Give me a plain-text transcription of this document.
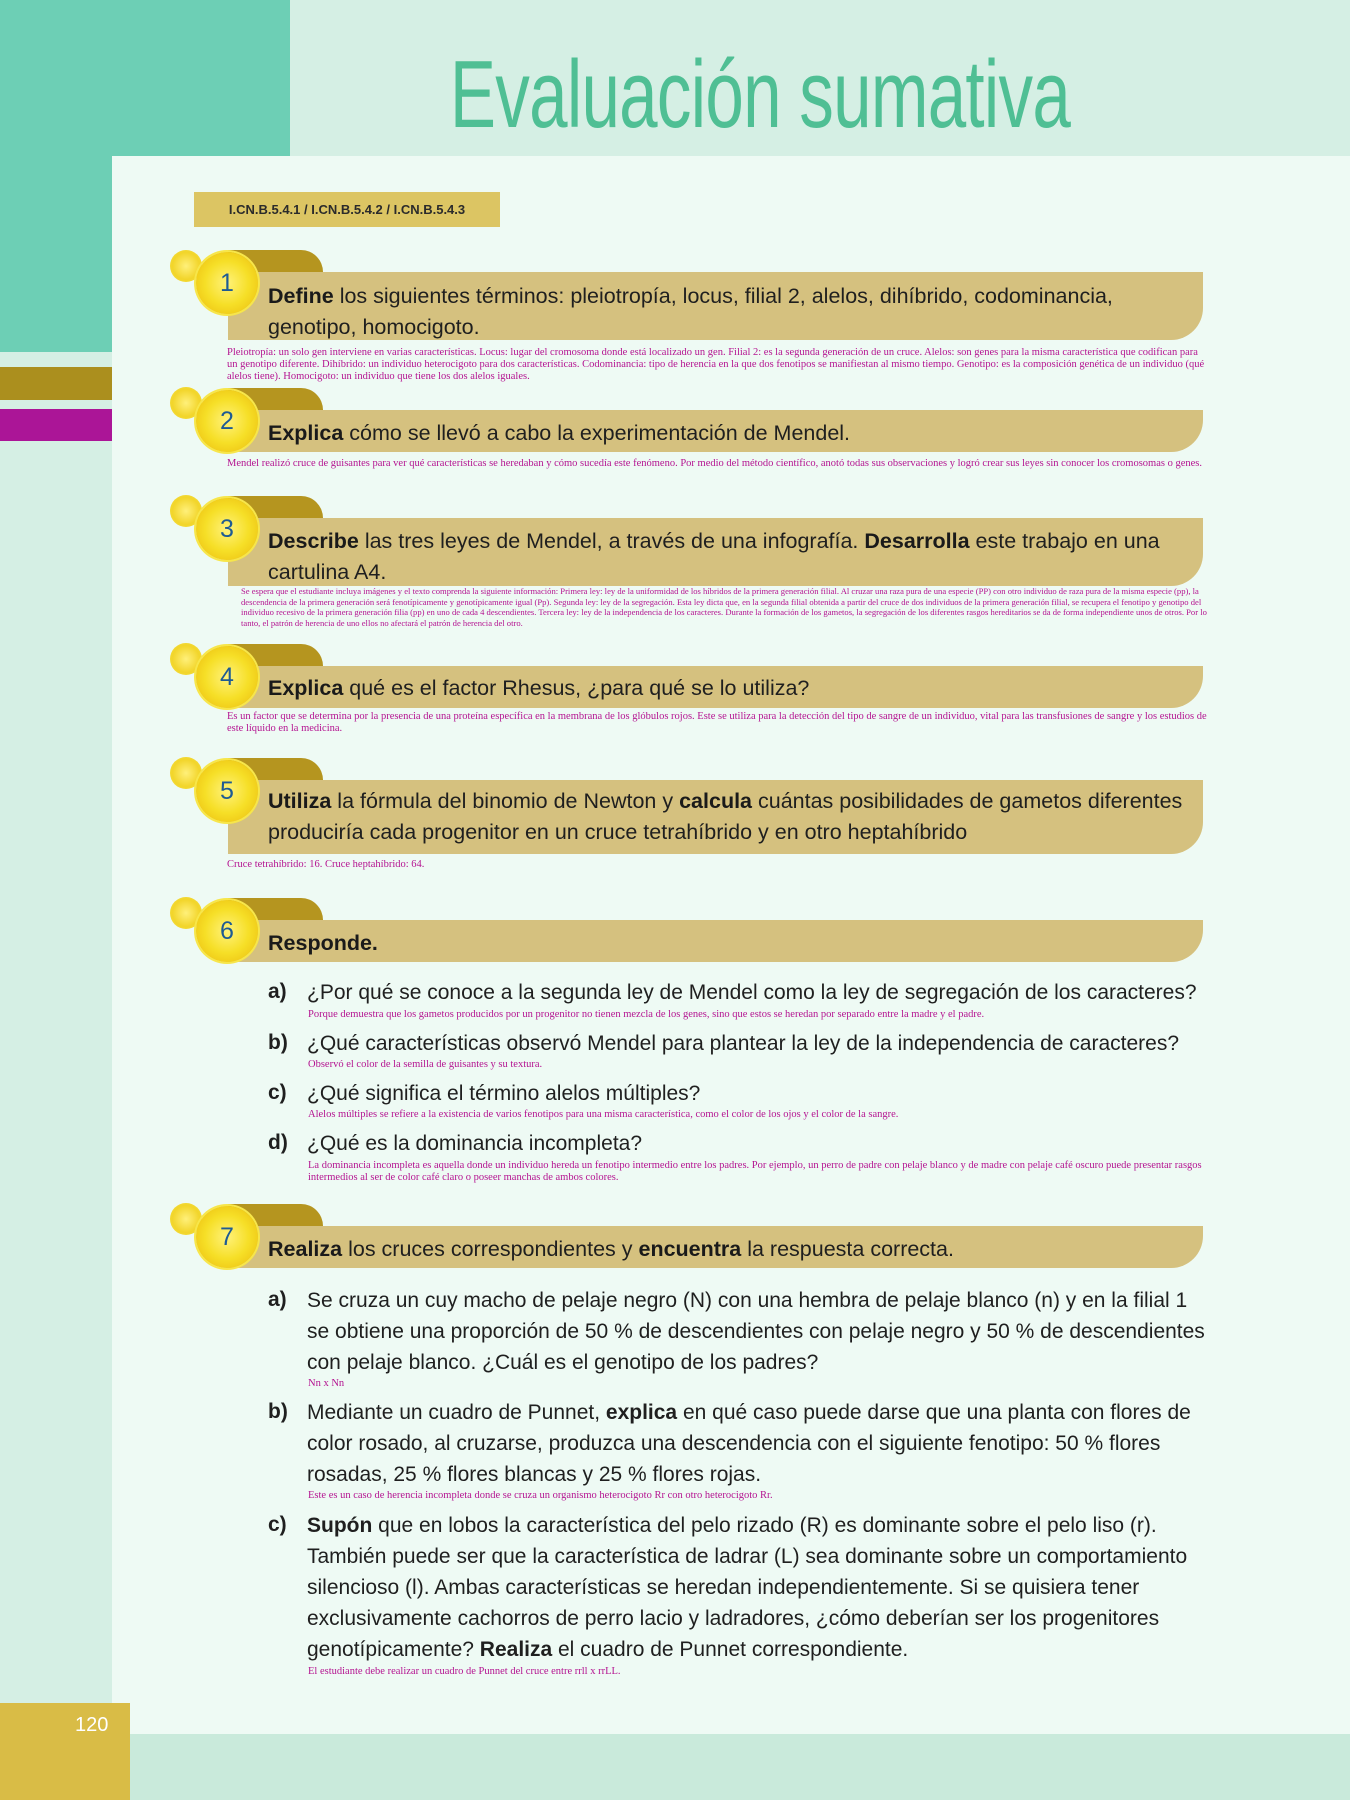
Evaluación sumativa
120
I.CN.B.5.4.1 / I.CN.B.5.4.2 / I.CN.B.5.4.3
1	Define los siguientes términos: pleiotropía, locus, filial 2, alelos, dihíbrido, codominancia, genotipo, homocigoto.

Pleiotropía: un solo gen interviene en varias características. Locus: lugar del cromosoma donde está localizado un gen. Filial 2: es la segunda generación de un cruce. Alelos: son genes para la misma característica que codifican para un genotipo diferente. Dihíbrido: un individuo heterocigoto para dos características. Codominancia: tipo de herencia en la que dos fenotipos se manifiestan al mismo tiempo. Genotipo: es la composición genética de un individuo (qué alelos tiene). Homocigoto: un individuo que tiene los dos alelos iguales.

2	Explica cómo se llevó a cabo la experimentación de Mendel.

Mendel realizó cruce de guisantes para ver qué características se heredaban y cómo sucedía este fenómeno. Por medio del método científico, anotó todas sus observaciones y logró crear sus leyes sin conocer los cromosomas o genes.

3	Describe las tres leyes de Mendel, a través de una infografía. Desarrolla este trabajo en una cartulina A4.

Se espera que el estudiante incluya imágenes y el texto comprenda la siguiente información: Primera ley: ley de la uniformidad de los híbridos de la primera generación filial. Al cruzar una raza pura de una especie (PP) con otro individuo de raza pura de la misma especie (pp), la descendencia de la primera generación será fenotípicamente y genotípicamente igual (Pp). Segunda ley: ley de la segregación. Esta ley dicta que, en la segunda filial obtenida a partir del cruce de dos individuos de la primera generación filial, se recupera el fenotipo y genotipo del individuo recesivo de la primera generación filia (pp) en uno de cada 4 descendientes. Tercera ley: ley de la independencia de los caracteres. Durante la formación de los gametos, la segregación de los diferentes rasgos hereditarios se da de forma independiente unos de otros. Por lo tanto, el patrón de herencia de uno ellos no afectará el patrón de herencia del otro.

4	Explica qué es el factor Rhesus, ¿para qué se lo utiliza?

Es un factor que se determina por la presencia de una proteína específica en la membrana de los glóbulos rojos. Este se utiliza para la detección del tipo de sangre de un individuo, vital para las transfusiones de sangre y los estudios de este líquido en la medicina.

5	Utiliza la fórmula del binomio de Newton y calcula cuántas posibilidades de gametos diferentes produciría cada progenitor en un cruce tetrahíbrido y en otro heptahíbrido

Cruce tetrahíbrido: 16. Cruce heptahíbrido: 64.

6	Responde.

a) ¿Por qué se conoce a la segunda ley de Mendel como la ley de segregación de los caracteres?

Porque demuestra que los gametos producidos por un progenitor no tienen mezcla de los genes, sino que estos se heredan por separado entre la madre y el padre.

b) ¿Qué características observó Mendel para plantear la ley de la independencia de caracteres?

Observó el color de la semilla de guisantes y su textura.

c) ¿Qué significa el término alelos múltiples?

Alelos múltiples se refiere a la existencia de varios fenotipos para una misma característica, como el color de los ojos y el color de la sangre.

d) ¿Qué es la dominancia incompleta?

La dominancia incompleta es aquella donde un individuo hereda un fenotipo intermedio entre los padres. Por ejemplo, un perro de padre con pelaje blanco y de madre con pelaje café oscuro puede presentar rasgos intermedios al ser de color café claro o poseer manchas de ambos colores.

7	Realiza los cruces correspondientes y encuentra la respuesta correcta.

a) Se cruza un cuy macho de pelaje negro (N) con una hembra de pelaje blanco (n) y en la filial 1 se obtiene una proporción de 50 % de descendientes con pelaje negro y 50 % de descendientes con pelaje blanco. ¿Cuál es el genotipo de los padres?

Nn x Nn

b) Mediante un cuadro de Punnet, explica en qué caso puede darse que una planta con flores de color rosado, al cruzarse, produzca una descendencia con el siguiente fenotipo: 50 % flores rosadas, 25 % flores blancas y 25 % flores rojas.

Este es un caso de herencia incompleta donde se cruza un organismo heterocigoto Rr con otro heterocigoto Rr.

c) Supón que en lobos la característica del pelo rizado (R) es dominante sobre el pelo liso (r). También puede ser que la característica de ladrar (L) sea dominante sobre un comportamiento silencioso (l). Ambas características se heredan independientemente. Si se quisiera tener exclusivamente cachorros de perro lacio y ladradores, ¿cómo deberían ser los progenitores genotípicamente? Realiza el cuadro de Punnet correspondiente.

El estudiante debe realizar un cuadro de Punnet del cruce entre rrll x rrLL.
